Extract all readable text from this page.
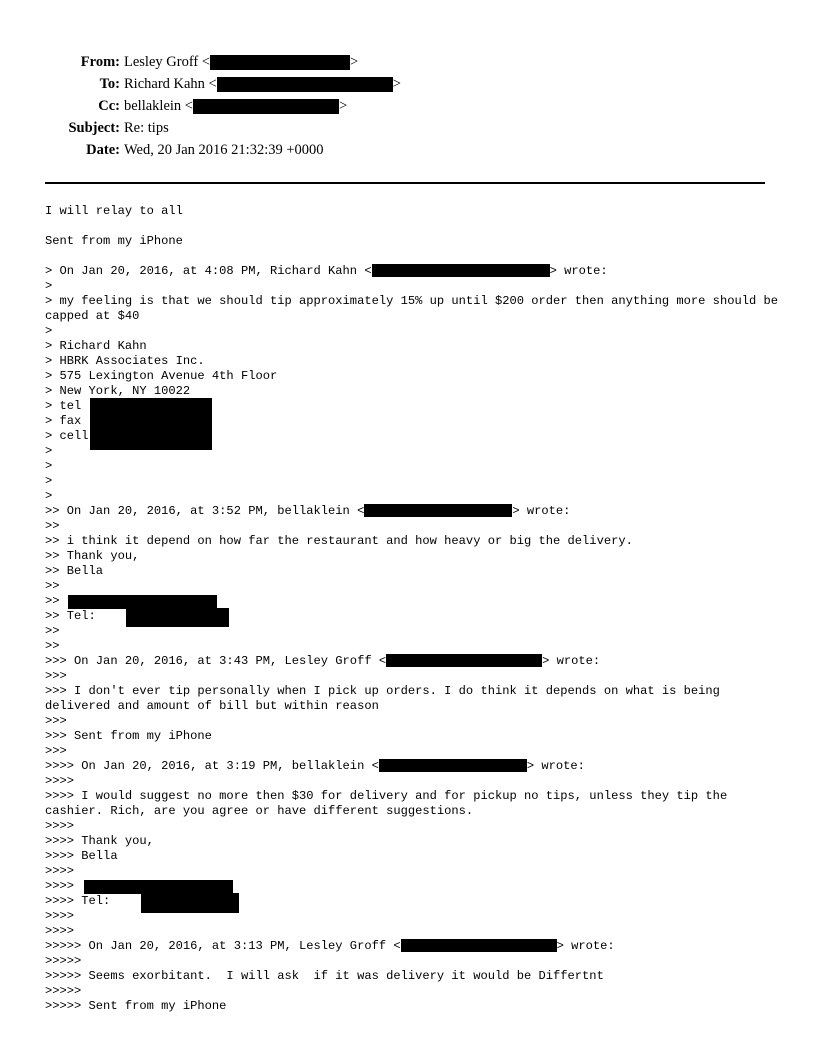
From: Lesley Groff <	>
To: Richard Kahn <	>
Cc: bellaklein <	>
Subject: Re: tips
Date: Wed, 20 Jan 2016 21:32:39 +0000
I will relay to all
Sent from my iPhone
> On Jan 20, 2016, at 4:08 PM, Richard Kahn <	> wrote:
>
> my feeling is that we should tip approximately 15% up until $200 order then anything more should be capped at $40
>
> Richard Kahn
> HBRK Associates Inc.
> 575 Lexington Avenue 4th Floor
> New York, NY 10022
> tel
> fax
> cell
>
>
>
>
>> On Jan 20, 2016, at 3:52 PM, bellaklein <	> wrote:
>>
>> i think it depend on how far the restaurant and how heavy or big the delivery.
>> Thank you,
>> Bella
>>
>>
>> Tel:
>>
>>
>>> On Jan 20, 2016, at 3:43 PM, Lesley Groff <	> wrote:
>>>
>>> I don't ever tip personally when I pick up orders. I do think it depends on what is being delivered and amount of bill but within reason
>>>
>>> Sent from my iPhone
>>>
>>>> On Jan 20, 2016, at 3:19 PM, bellaklein <	> wrote:
>>>>
>>>> I would suggest no more then $30 for delivery and for pickup no tips, unless they tip the cashier. Rich, are you agree or have different suggestions.
>>>>
>>>> Thank you,
>>>> Bella
>>>>
>>>>
>>>> Tel:
>>>>
>>>>
>>>>> On Jan 20, 2016, at 3:13 PM, Lesley Groff <	> wrote:
>>>>>
>>>>> Seems exorbitant.  I will ask  if it was delivery it would be Differtnt
>>>>>
>>>>> Sent from my iPhone
